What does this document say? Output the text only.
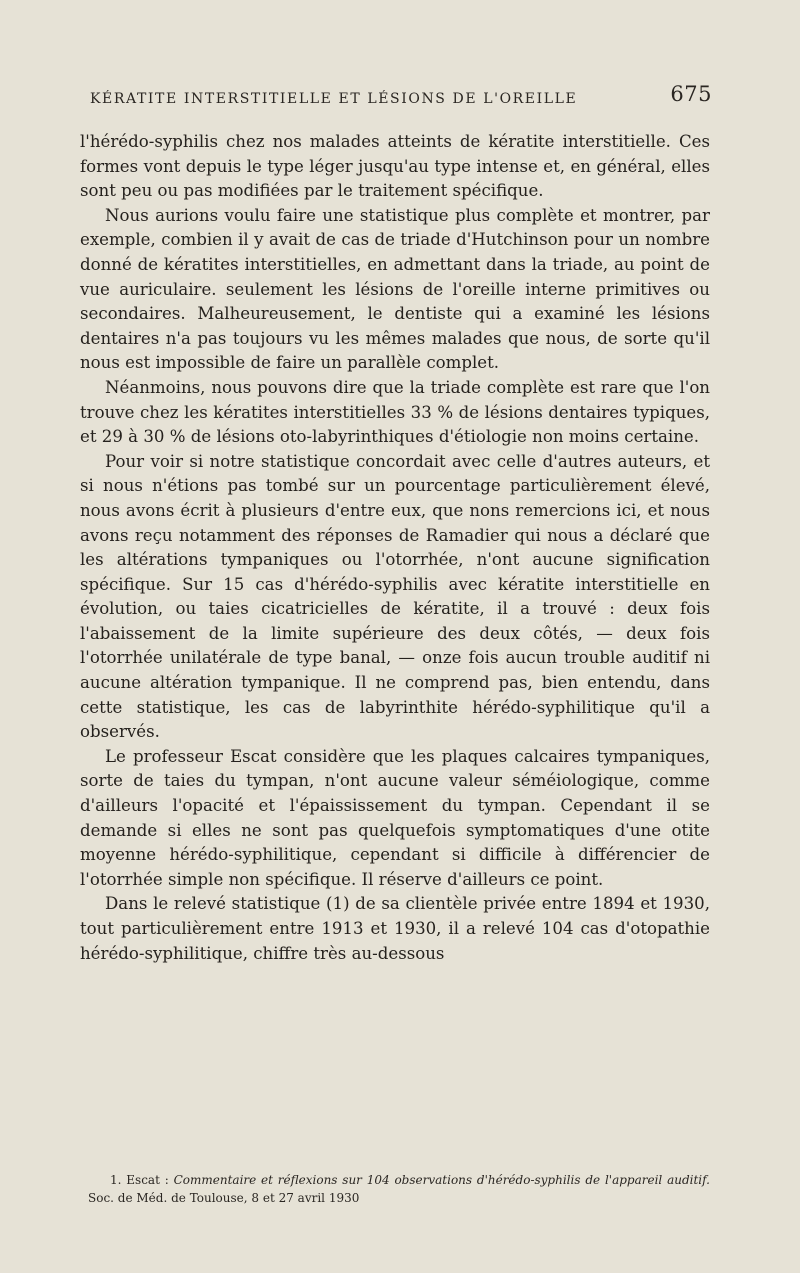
KÉRATITE INTERSTITIELLE ET LÉSIONS DE L'OREILLE	675

l'hérédo-syphilis chez nos malades atteints de kératite interstitielle. Ces formes vont depuis le type léger jusqu'au type intense et, en général, elles sont peu ou pas modifiées par le traitement spécifique.

Nous aurions voulu faire une statistique plus complète et montrer, par exemple, combien il y avait de cas de triade d'Hutchinson pour un nombre donné de kératites interstitielles, en admettant dans la triade, au point de vue auriculaire. seulement les lésions de l'oreille interne primitives ou secondaires. Malheureusement, le dentiste qui a examiné les lésions dentaires n'a pas toujours vu les mêmes malades que nous, de sorte qu'il nous est impossible de faire un parallèle complet.

Néanmoins, nous pouvons dire que la triade complète est rare que l'on trouve chez les kératites interstitielles 33 % de lésions dentaires typiques, et 29 à 30 % de lésions oto-labyrinthiques d'étiologie non moins certaine.

Pour voir si notre statistique concordait avec celle d'autres auteurs, et si nous n'étions pas tombé sur un pourcentage particulièrement élevé, nous avons écrit à plusieurs d'entre eux, que nons remercions ici, et nous avons reçu notamment des réponses de Ramadier qui nous a déclaré que les altérations tympaniques ou l'otorrhée, n'ont aucune signification spécifique. Sur 15 cas d'hérédo-syphilis avec kératite interstitielle en évolution, ou taies cicatricielles de kératite, il a trouvé : deux fois l'abaissement de la limite supérieure des deux côtés, — deux fois l'otorrhée unilatérale de type banal, — onze fois aucun trouble auditif ni aucune altération tympanique. Il ne comprend pas, bien entendu, dans cette statistique, les cas de labyrinthite hérédo-syphilitique qu'il a observés.

Le professeur Escat considère que les plaques calcaires tympaniques, sorte de taies du tympan, n'ont aucune valeur séméiologique, comme d'ailleurs l'opacité et l'épaississement du tympan. Cependant il se demande si elles ne sont pas quelquefois symptomatiques d'une otite moyenne hérédo-syphilitique, cependant si difficile à différencier de l'otorrhée simple non spécifique. Il réserve d'ailleurs ce point.

Dans le relevé statistique (1) de sa clientèle privée entre 1894 et 1930, tout particulièrement entre 1913 et 1930, il a relevé 104 cas d'otopathie hérédo-syphilitique, chiffre très au-dessous

1. Escat : Commentaire et réflexions sur 104 observations d'hérédo-syphilis de l'appareil auditif. Soc. de Méd. de Toulouse, 8 et 27 avril 1930
